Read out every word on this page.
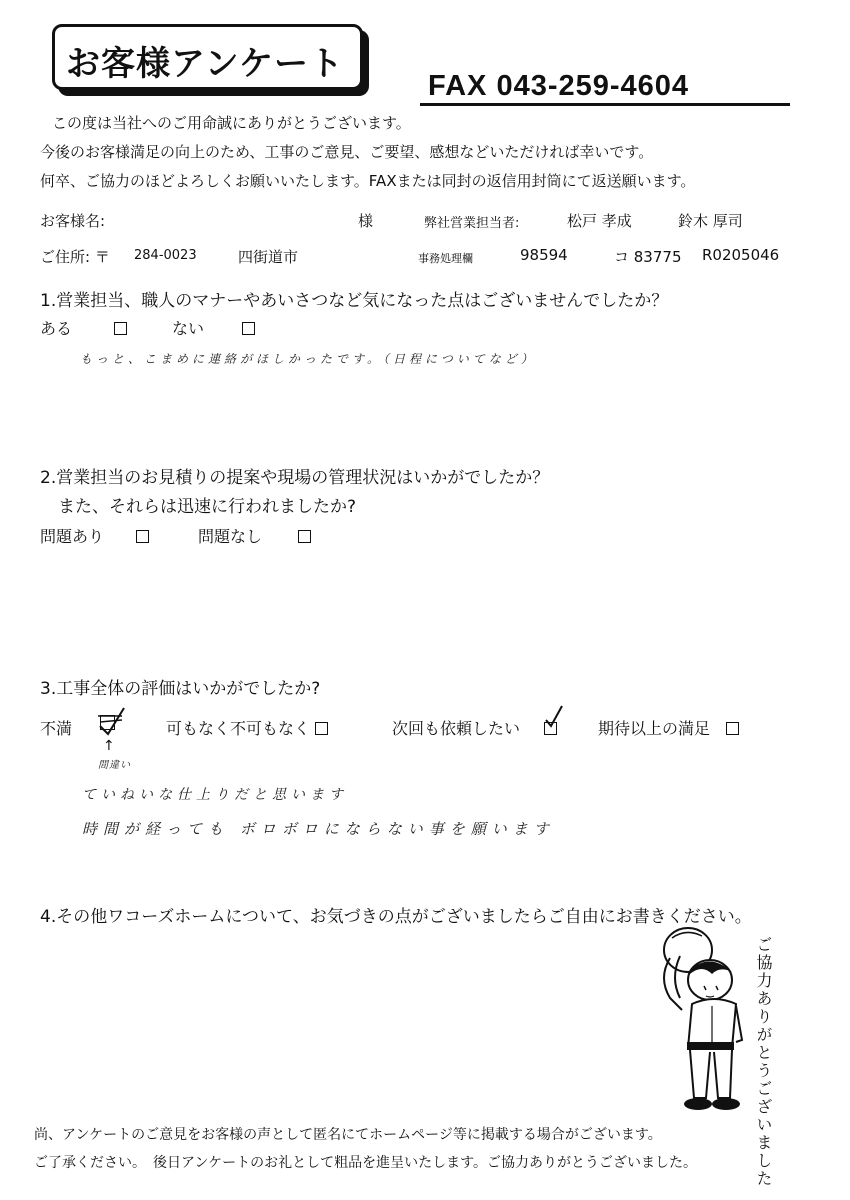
お客様アンケート
FAX 043-259-4604
この度は当社へのご用命誠にありがとうございます。
今後のお客様満足の向上のため、工事のご意見、ご要望、感想などいただければ幸いです。
何卒、ご協力のほどよろしくお願いいたします。FAXまたは同封の返信用封筒にて返送願います。
お客様名:	様	弊社営業担当者:	松戸 孝成	鈴木 厚司
ご住所: 〒 284-0023	四街道市	事務処理欄	98594	コ 83775 R0205046
1.営業担当、職人のマナーやあいさつなど気になった点はございませんでしたか？
ある	ない
もっと、こまめに連絡がほしかったです。（日程についてなど）
2.営業担当のお見積りの提案や現場の管理状況はいかがでしたか？
また、それらは迅速に行われましたか?
問題あり	問題なし
3.工事全体の評価はいかがでしたか?
不満
↑
間違い
可もなく不可もなく	次回も依頼したい	期待以上の満足
ていねいな仕上りだと思います
時間が経っても ボロボロにならない事を願います
4.その他ワコーズホームについて、お気づきの点がございましたらご自由にお書きください。
ご協力ありがとうございました
尚、アンケートのご意見をお客様の声として匿名にてホームページ等に掲載する場合がございます。
ご了承ください。　後日アンケートのお礼として粗品を進呈いたします。ご協力ありがとうございました。
